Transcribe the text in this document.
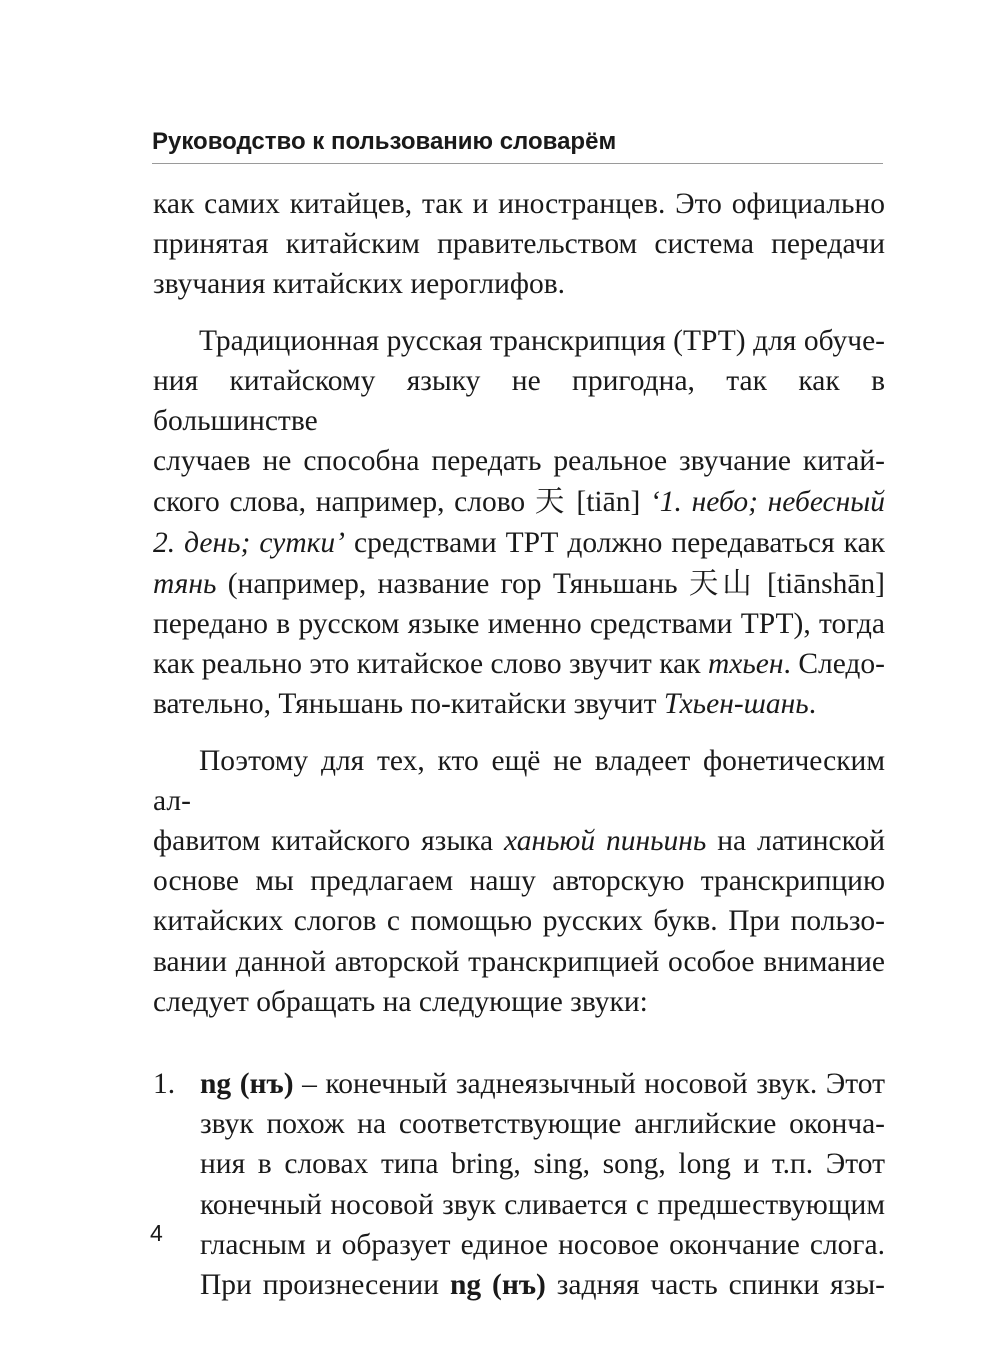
Руководство к пользованию словарём

как самих китайцев, так и иностранцев. Это официально

принятая китайским правительством система передачи

звучания китайских иероглифов.

Традиционная русская транскрипция (ТРТ) для обуче-

ния китайскому языку не пригодна, так как в большинстве

случаев не способна передать реальное звучание китай-

ского слова, например, слово 天 [tiān] ‘1. небо; небесный

2. день; сутки’ средствами ТРТ должно передаваться как

тянь (например, название гор Тяньшань 天山 [tiānshān]

передано в русском языке именно средствами ТРТ), тогда

как реально это китайское слово звучит как тхьен. Следо-

вательно, Тяньшань по-китайски звучит Тхьен-шань.

Поэтому для тех, кто ещё не владеет фонетическим ал-

фавитом китайского языка ханьюй пиньинь на латинской

основе мы предлагаем нашу авторскую транскрипцию

китайских слогов с помощью русских букв. При пользо-

вании данной авторской транскрипцией особое внимание

следует обращать на следующие звуки:

1. ng (нъ) – конечный заднеязычный носовой звук. Этот
звук похож на соответствующие английские оконча-
ния в словах типа bring, sing, song, long и т.п. Этот
конечный носовой звук сливается с предшествующим
гласным и образует единое носовое окончание слога.
При произнесении ng (нъ) задняя часть спинки язы-
4
